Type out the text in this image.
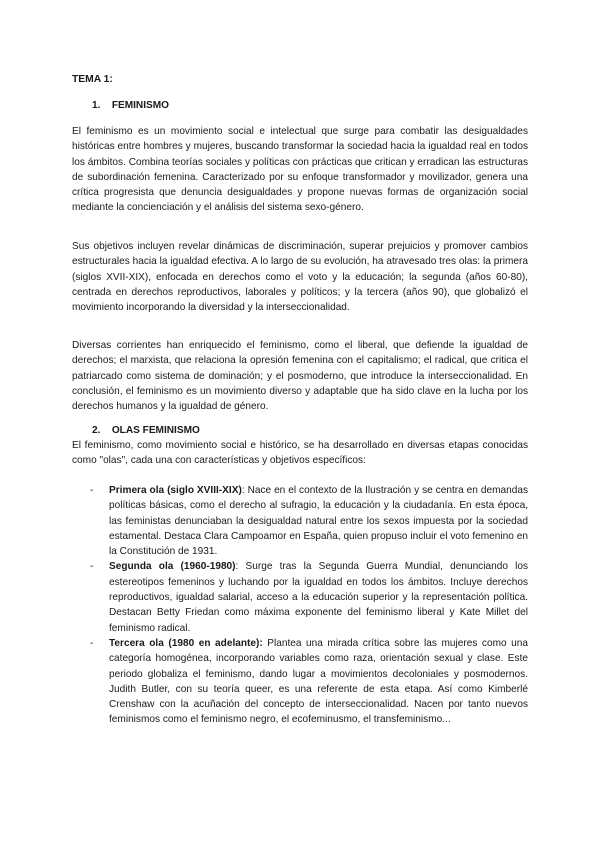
TEMA 1:
1. FEMINISMO
El feminismo es un movimiento social e intelectual que surge para combatir las desigualdades históricas entre hombres y mujeres, buscando transformar la sociedad hacia la igualdad real en todos los ámbitos. Combina teorías sociales y políticas con prácticas que critican y erradican las estructuras de subordinación femenina. Caracterizado por su enfoque transformador y movilizador, genera una crítica progresista que denuncia desigualdades y propone nuevas formas de organización social mediante la concienciación y el análisis del sistema sexo-género.
Sus objetivos incluyen revelar dinámicas de discriminación, superar prejuicios y promover cambios estructurales hacia la igualdad efectiva. A lo largo de su evolución, ha atravesado tres olas: la primera (siglos XVII-XIX), enfocada en derechos como el voto y la educación; la segunda (años 60-80), centrada en derechos reproductivos, laborales y políticos; y la tercera (años 90), que globalizó el movimiento incorporando la diversidad y la interseccionalidad.
Diversas corrientes han enriquecido el feminismo, como el liberal, que defiende la igualdad de derechos; el marxista, que relaciona la opresión femenina con el capitalismo; el radical, que critica el patriarcado como sistema de dominación; y el posmoderno, que introduce la interseccionalidad. En conclusión, el feminismo es un movimiento diverso y adaptable que ha sido clave en la lucha por los derechos humanos y la igualdad de género.
2. OLAS FEMINISMO
El feminismo, como movimiento social e histórico, se ha desarrollado en diversas etapas conocidas como "olas", cada una con características y objetivos específicos:
- Primera ola (siglo XVIII-XIX): Nace en el contexto de la Ilustración y se centra en demandas políticas básicas, como el derecho al sufragio, la educación y la ciudadanía. En esta época, las feministas denunciaban la desigualdad natural entre los sexos impuesta por la sociedad estamental. Destaca Clara Campoamor en España, quien propuso incluir el voto femenino en la Constitución de 1931.
- Segunda ola (1960-1980): Surge tras la Segunda Guerra Mundial, denunciando los estereotipos femeninos y luchando por la igualdad en todos los ámbitos. Incluye derechos reproductivos, igualdad salarial, acceso a la educación superior y la representación política. Destacan Betty Friedan como máxima exponente del feminismo liberal y Kate Millet del feminismo radical.
- Tercera ola (1980 en adelante): Plantea una mirada crítica sobre las mujeres como una categoría homogénea, incorporando variables como raza, orientación sexual y clase. Este periodo globaliza el feminismo, dando lugar a movimientos decoloniales y posmodernos. Judith Butler, con su teoría queer, es una referente de esta etapa. Así como Kimberlé Crenshaw con la acuñación del concepto de interseccionalidad. Nacen por tanto nuevos feminismos como el feminismo negro, el ecofeminusmo, el transfeminismo...
